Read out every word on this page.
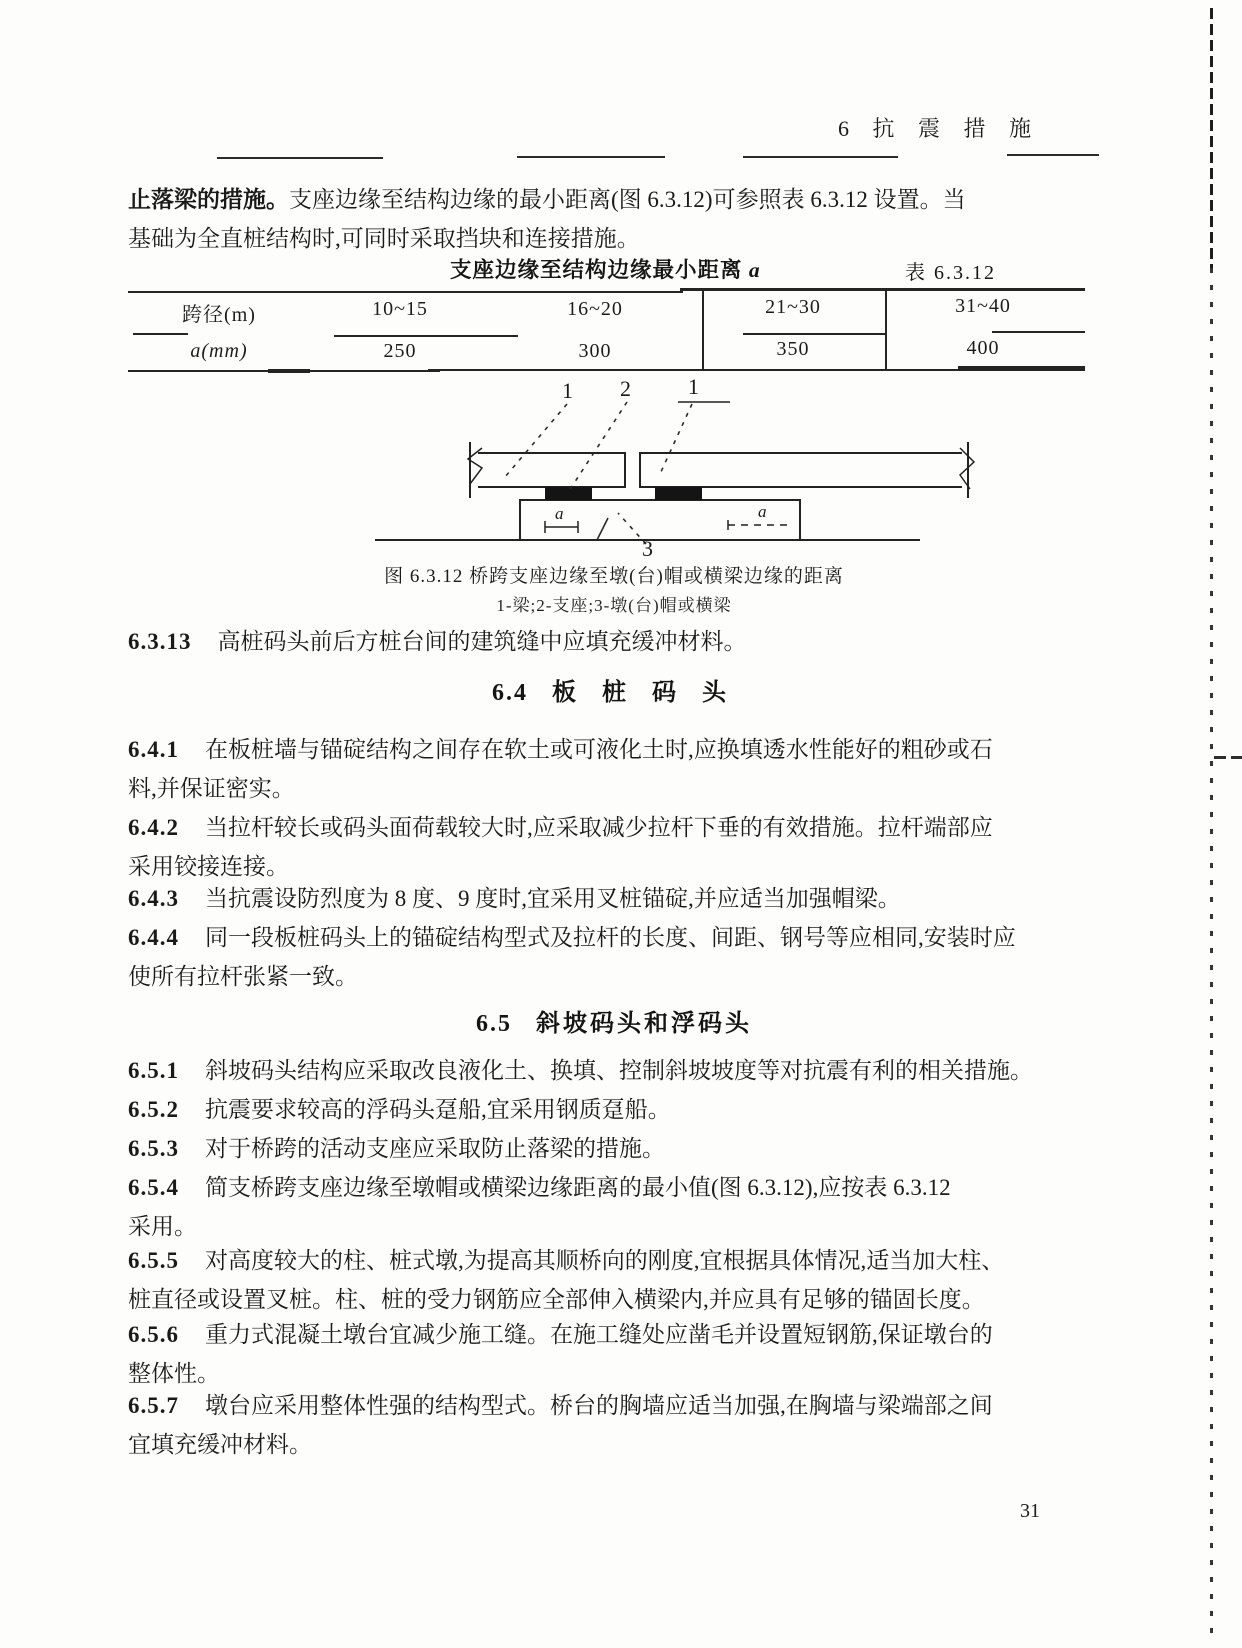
6 抗 震 措 施
止落梁的措施。支座边缘至结构边缘的最小距离(图 6.3.12)可参照表 6.3.12 设置。当
基础为全直桩结构时,可同时采取挡块和连接措施。
支座边缘至结构边缘最小距离 a	表 6.3.12
跨径(m)	10~15	16~20	21~30	31~40
a(mm)	250	300	350	400
1 2	1
3
a	a
图 6.3.12 桥跨支座边缘至墩(台)帽或横梁边缘的距离
1-梁;2-支座;3-墩(台)帽或横梁
6.3.13 高桩码头前后方桩台间的建筑缝中应填充缓冲材料。
6.4 板 桩 码 头
6.4.1 在板桩墙与锚碇结构之间存在软土或可液化土时,应换填透水性能好的粗砂或石
料,并保证密实。
6.4.2 当拉杆较长或码头面荷载较大时,应采取减少拉杆下垂的有效措施。拉杆端部应
采用铰接连接。
6.4.3 当抗震设防烈度为 8 度、9 度时,宜采用叉桩锚碇,并应适当加强帽梁。
6.4.4 同一段板桩码头上的锚碇结构型式及拉杆的长度、间距、钢号等应相同,安装时应
使所有拉杆张紧一致。
6.5 斜坡码头和浮码头
6.5.1 斜坡码头结构应采取改良液化土、换填、控制斜坡坡度等对抗震有利的相关措施。
6.5.2 抗震要求较高的浮码头趸船,宜采用钢质趸船。
6.5.3 对于桥跨的活动支座应采取防止落梁的措施。
6.5.4 简支桥跨支座边缘至墩帽或横梁边缘距离的最小值(图 6.3.12),应按表 6.3.12
采用。
6.5.5 对高度较大的柱、桩式墩,为提高其顺桥向的刚度,宜根据具体情况,适当加大柱、
桩直径或设置叉桩。柱、桩的受力钢筋应全部伸入横梁内,并应具有足够的锚固长度。
6.5.6 重力式混凝土墩台宜减少施工缝。在施工缝处应凿毛并设置短钢筋,保证墩台的
整体性。
6.5.7 墩台应采用整体性强的结构型式。桥台的胸墙应适当加强,在胸墙与梁端部之间
宜填充缓冲材料。
31
